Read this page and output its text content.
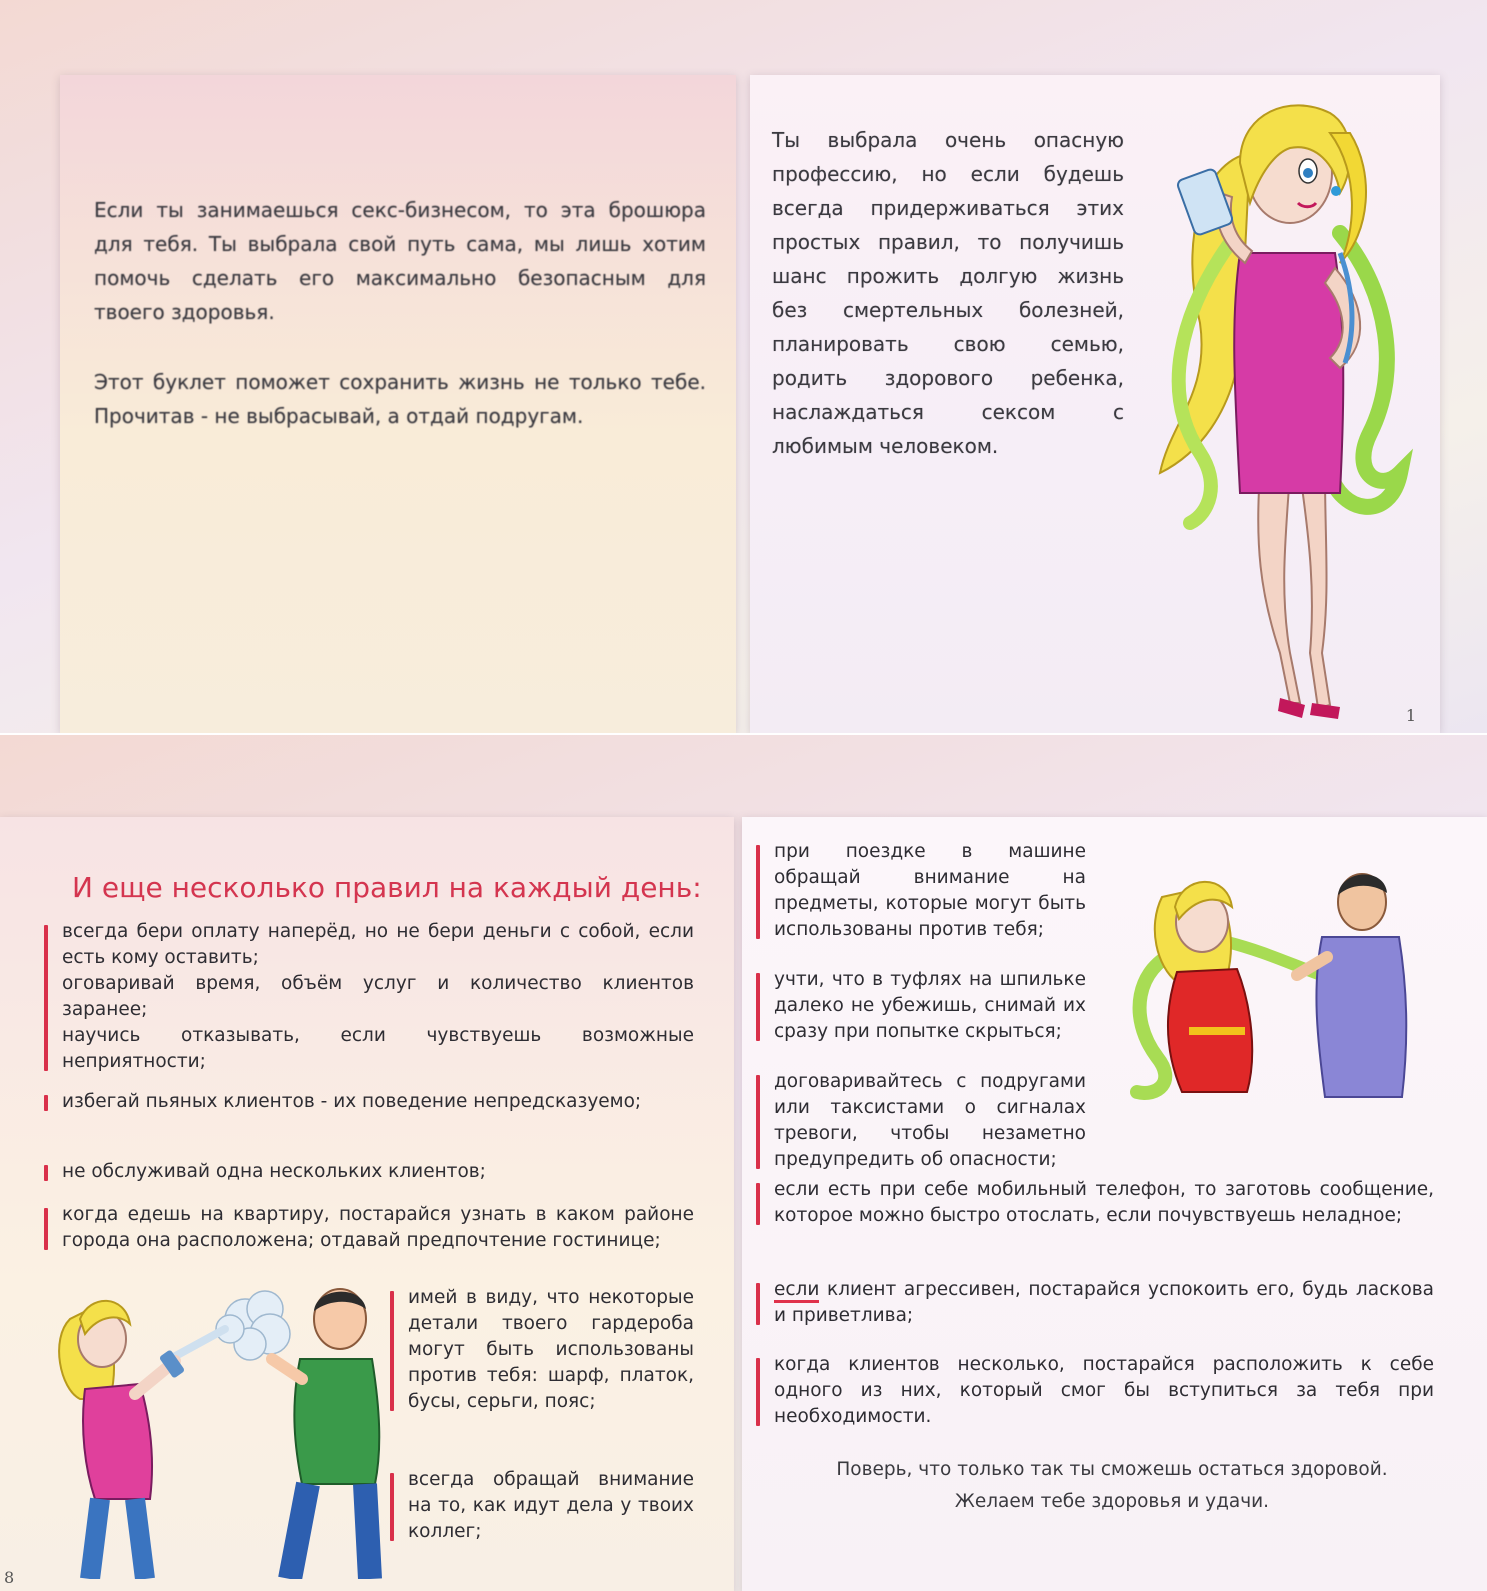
Если ты занимаешься секс-бизнесом, то эта брошюра для тебя. Ты выбрала свой путь сама, мы лишь хотим помочь сделать его максимально безопасным для твоего здоровья.

Этот буклет поможет сохранить жизнь не только тебе. Прочитав - не выбрасывай, а отдай подругам.

Ты выбрала очень опасную профессию, но если будешь всегда придерживаться этих простых правил, то получишь шанс прожить долгую жизнь без смертельных болезней, планировать свою семью, родить здорового ребенка, наслаждаться сексом с любимым человеком.

1
И еще несколько правил на каждый день:
всегда бери оплату наперёд, но не бери деньги с собой, если есть кому оставить;
оговаривай время, объём услуг и количество клиентов заранее;
научись отказывать, если чувствуешь возможные неприятности;
избегай пьяных клиентов - их поведение непредсказуемо;
не обслуживай одна нескольких клиентов;
когда едешь на квартиру, постарайся узнать в каком районе города она расположена; отдавай предпочтение гостинице;
имей в виду, что некоторые детали твоего гардероба могут быть использованы против тебя: шарф, платок, бусы, серьги, пояс;
всегда обращай внимание на то, как идут дела у твоих коллег;
8
при поездке в машине обращай внимание на предметы, которые могут быть использованы против тебя;
учти, что в туфлях на шпильке далеко не убежишь, снимай их сразу при попытке скрыться;
договаривайтесь с подругами или таксистами о сигналах тревоги, чтобы незаметно предупредить об опасности;
если есть при себе мобильный телефон, то заготовь сообщение, которое можно быстро отослать, если почувствуешь неладное;
если клиент агрессивен, постарайся успокоить его, будь ласкова и приветлива;
когда клиентов несколько, постарайся расположить к себе одного из них, который смог бы вступиться за тебя при необходимости.

Поверь, что только так ты сможешь остаться здоровой.

Желаем тебе здоровья и удачи.
